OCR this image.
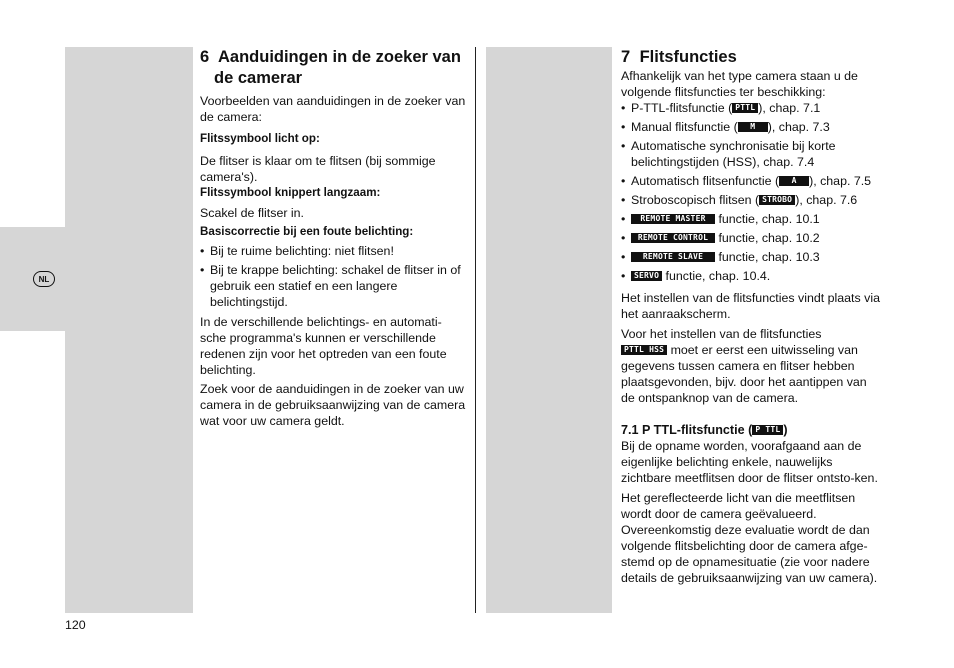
NL
6 Aanduidingen in de zoeker van
de camerar

Voorbeelden van aanduidingen in de zoeker van de camera:

Flitssymbool licht op:

De flitser is klaar om te flitsen (bij sommige camera's).

Flitssymbool knippert langzaam:

Scakel de flitser in.

Basiscorrectie bij een foute belichting:

• Bij te ruime belichting: niet flitsen!

• Bij te krappe belichting: schakel de flitser in of gebruik een statief en een langere belichtingstijd.

In de verschillende belichtings- en automati-sche programma's kunnen er verschillende redenen zijn voor het optreden van een foute belichting.

Zoek voor de aanduidingen in de zoeker van uw camera in de gebruiksaanwijzing van de camera wat voor uw camera geldt.

7 Flitsfuncties

Afhankelijk van het type camera staan u de volgende flitsfuncties ter beschikking:

• P-TTL-flitsfunctie ( PTTL ), chap. 7.1

• Manual flitsfunctie ( M ), chap. 7.3

• Automatische synchronisatie bij korte belichtingstijden (HSS), chap. 7.4

• Automatisch flitsenfunctie ( A ), chap. 7.5

• Stroboscopisch flitsen ( STROBO ), chap. 7.6

• REMOTE MASTER functie, chap. 10.1

• REMOTE CONTROL functie, chap. 10.2

• REMOTE SLAVE functie, chap. 10.3

• SERVO functie, chap. 10.4.

Het instellen van de flitsfuncties vindt plaats via het aanraakscherm.

Voor het instellen van de flitsfuncties
PTTL HSS moet er eerst een uitwisseling van gegevens tussen camera en flitser hebben plaatsgevonden, bijv. door het aantippen van de ontspanknop van de camera.

7.1 P TTL-flitsfunctie ( P TTL )

Bij de opname worden, voorafgaand aan de eigenlijke belichting enkele, nauwelijks zichtbare meetflitsen door de flitser ontsto-ken.

Het gereflecteerde licht van die meetflitsen wordt door de camera geëvalueerd. Overeenkomstig deze evaluatie wordt de dan volgende flitsbelichting door de camera afge-stemd op de opnamesituatie (zie voor nadere details de gebruiksaanwijzing van uw camera).

120
